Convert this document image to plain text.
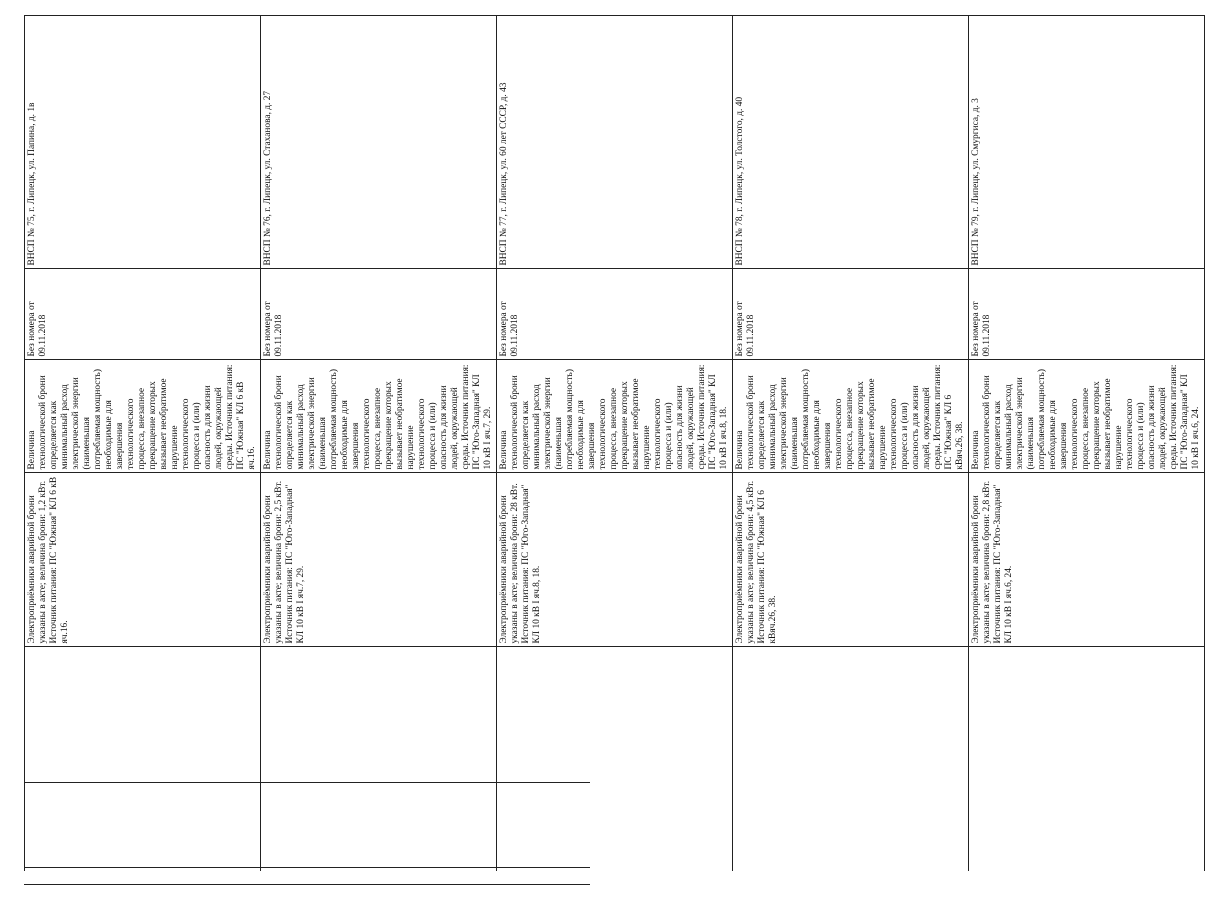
	Электроприёмники аварийной брони указаны в акте; величина брони: 1,2 кВт. Источник питания: ПС "Южная" КЛ 6 кВ яч.16.	Величина технологической брони определяется как минимальный расход электрической энергии (наименьшая потребляемая мощность) необходимые для завершения технологического процесса, внезапное прекращение которых вызывает необратимое нарушение технологического процесса и (или) опасность для жизни людей, окружающей среды. Источник питания: ПС "Южная" КЛ 6 кВ яч.16.	Без номера от 09.11.2018	ВНСП № 75, г. Липецк, ул. Папина, д. 1в
	Электроприёмники аварийной брони указаны в акте; величина брони: 2,5 кВт. Источник питания: ПС "Юго-Западная" КЛ 10 кВ I яч.7, 29.	Величина технологической брони определяется как минимальный расход электрической энергии (наименьшая потребляемая мощность) необходимые для завершения технологического процесса, внезапное прекращение которых вызывает необратимое нарушение технологического процесса и (или) опасность для жизни людей, окружающей среды. Источник питания: ПС "Юго-Западная" КЛ 10 кВ I яч.7, 29.	Без номера от 09.11.2018	ВНСП № 76, г. Липецк, ул. Стаханова, д. 27
	Электроприёмники аварийной брони указаны в акте; величина брони: 28 кВт. Источник питания: ПС "Юго-Западная" КЛ 10 кВ I яч.8, 18.	Величина технологической брони определяется как минимальный расход электрической энергии (наименьшая потребляемая мощность) необходимые для завершения технологического процесса, внезапное прекращение которых вызывает необратимое нарушение технологического процесса и (или) опасность для жизни людей, окружающей среды. Источник питания: ПС "Юго-Западная" КЛ 10 кВ I яч.8, 18.	Без номера от 09.11.2018	ВНСП № 77, г. Липецк, ул. 60 лет СССР, д. 43
	Электроприёмники аварийной брони указаны в акте; величина брони: 4,5 кВт. Источник питания: ПС "Южная" КЛ 6 кВяч.26, 38.	Величина технологической брони определяется как минимальный расход электрической энергии (наименьшая потребляемая мощность) необходимые для завершения технологического процесса, внезапное прекращение которых вызывает необратимое нарушение технологического процесса и (или) опасность для жизни людей, окружающей среды. Источник питания: ПС "Южная" КЛ 6 кВяч.26, 38.	Без номера от 09.11.2018	ВНСП № 78, г. Липецк, ул. Толстого, д. 40
	Электроприёмники аварийной брони указаны в акте; величина брони: 2,8 кВт. Источник питания: ПС "Юго-Западная" КЛ 10 кВ I яч.6, 24.	Величина технологической брони определяется как минимальный расход электрической энергии (наименьшая потребляемая мощность) необходимые для завершения технологического процесса, внезапное прекращение которых вызывает необратимое нарушение технологического процесса и (или) опасность для жизни людей, окружающей среды. Источник питания: ПС "Юго-Западная" КЛ 10 кВ I яч.6, 24.	Без номера от 09.11.2018	ВНСП № 79, г. Липецк, ул. Смургиса, д. 3
